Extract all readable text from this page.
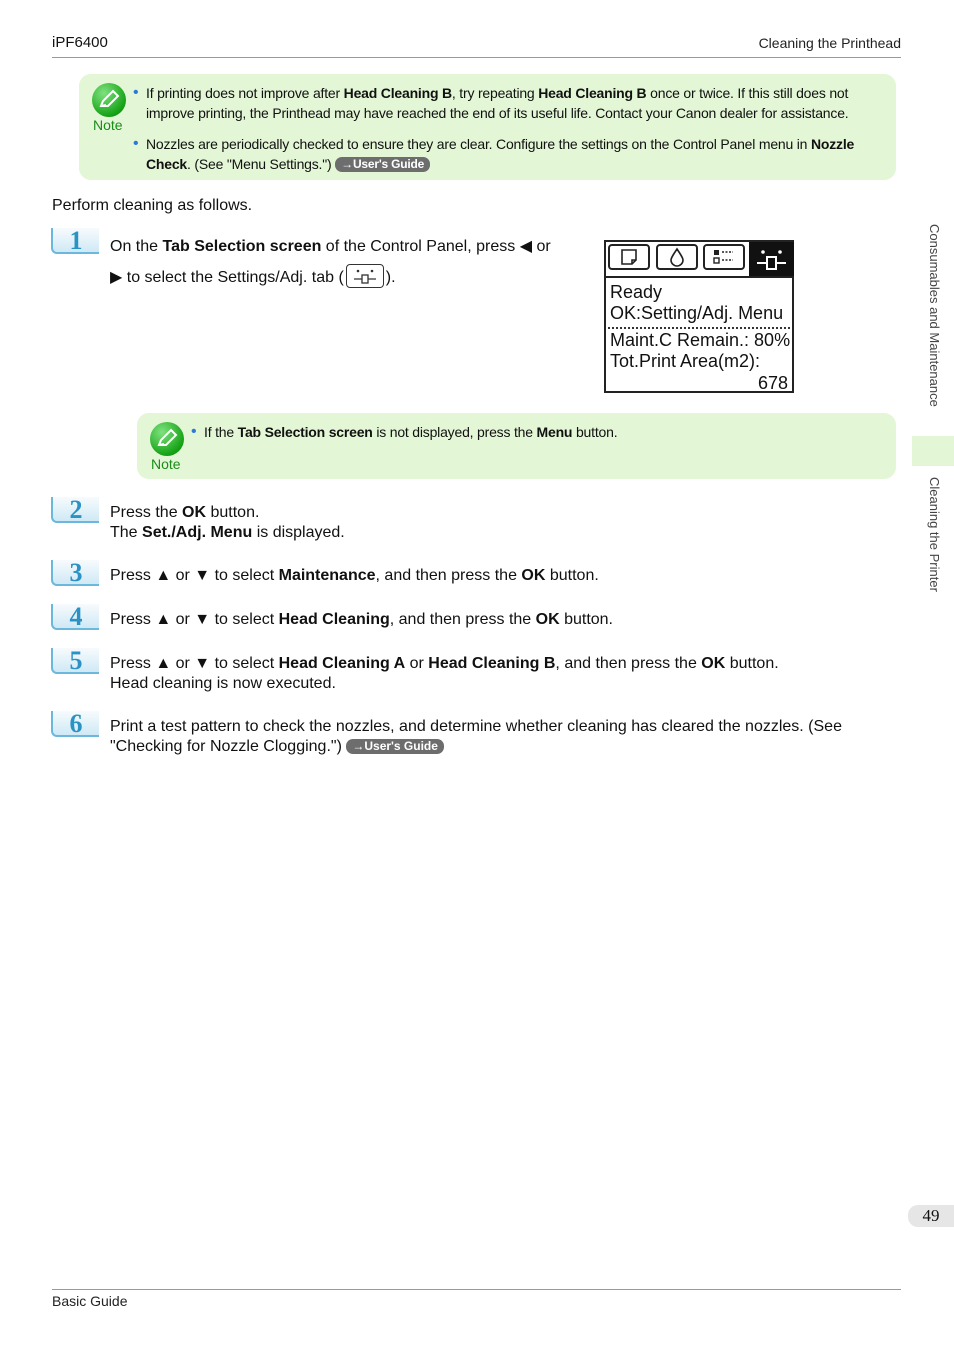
iPF6400	Cleaning the Printhead
Note
• If printing does not improve after Head Cleaning B, try repeating Head Cleaning B once or twice. If this still does not
improve printing, the Printhead may have reached the end of its useful life. Contact your Canon dealer for assistance.
• Nozzles are periodically checked to ensure they are clear. Configure the settings on the Control Panel menu in Nozzle
Check. (See "Menu Settings.") →User's Guide
Perform cleaning as follows.
1	On the Tab Selection screen of the Control Panel, press ◀ or
▶ to select the Settings/Adj. tab (	).
Ready
OK:Setting/Adj. Menu
Maint.C Remain.: 80%
Tot.Print Area(m2):
678
Note
• If the Tab Selection screen is not displayed, press the Menu button.
2	Press the OK button.
The Set./Adj. Menu is displayed.
3	Press ▲ or ▼ to select Maintenance, and then press the OK button.
4	Press ▲ or ▼ to select Head Cleaning, and then press the OK button.
5	Press ▲ or ▼ to select Head Cleaning A or Head Cleaning B, and then press the OK button.
Head cleaning is now executed.
6	Print a test pattern to check the nozzles, and determine whether cleaning has cleared the nozzles. (See
"Checking for Nozzle Clogging.") →User's Guide
Consumables and Maintenance
Cleaning the Printer
49
Basic Guide
